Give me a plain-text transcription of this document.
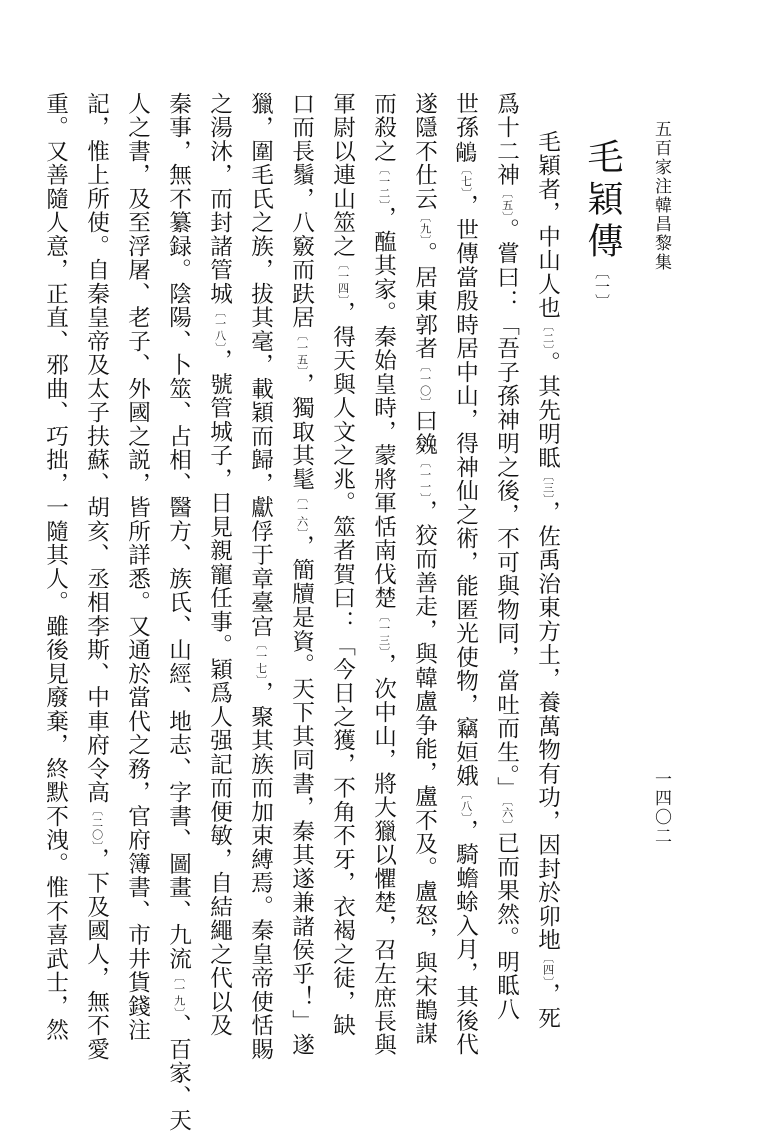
五百家注韓昌黎集
毛穎傳〔一〕
毛穎者，中山人也〔二〕。其先明眡〔三〕，佐禹治東方土，養萬物有功，因封於卯地〔四〕，死
爲十二神〔五〕。嘗曰：「吾子孫神明之後，不可與物同，當吐而生。」〔六〕已而果然。明眡八
世孫𪁺〔七〕，世傳當殷時居中山，得神仙之術，能匿光使物，竊姮娥〔八〕，騎蟾蜍入月，其後代
遂隱不仕云〔九〕。居東郭者〔一〇〕曰㕙〔一一〕，狡而善走，與韓盧争能，盧不及。盧怒，與宋鵲謀
而殺之〔一二〕，醢其家。秦始皇時，蒙將軍恬南伐楚〔一三〕，次中山，將大獵以懼楚，召左庶長與
軍尉以連山筮之〔一四〕，得天與人文之兆。筮者賀曰：「今日之獲，不角不牙，衣褐之徒，缺
口而長鬚，八竅而趺居〔一五〕，獨取其髦〔一六〕，簡牘是資。天下其同書，秦其遂兼諸侯乎！」遂
獵，圍毛氏之族，拔其毫，載穎而歸，獻俘于章臺宫〔一七〕，聚其族而加束縛焉。秦皇帝使恬賜
之湯沐，而封諸管城〔一八〕，號管城子，日見親寵任事。穎爲人强記而便敏，自結繩之代以及
秦事，無不纂録。陰陽、卜筮、占相、醫方、族氏、山經、地志、字書、圖畫、九流〔一九〕、百家、天
人之書，及至浮屠、老子、外國之説，皆所詳悉。又通於當代之務，官府簿書、市井貨錢注
記，惟上所使。自秦皇帝及太子扶蘇、胡亥、丞相李斯、中車府令高〔二〇〕，下及國人，無不愛
重。又善隨人意，正直、邪曲、巧拙，一隨其人。雖後見廢棄，終默不洩。惟不喜武士，然	一四〇二
